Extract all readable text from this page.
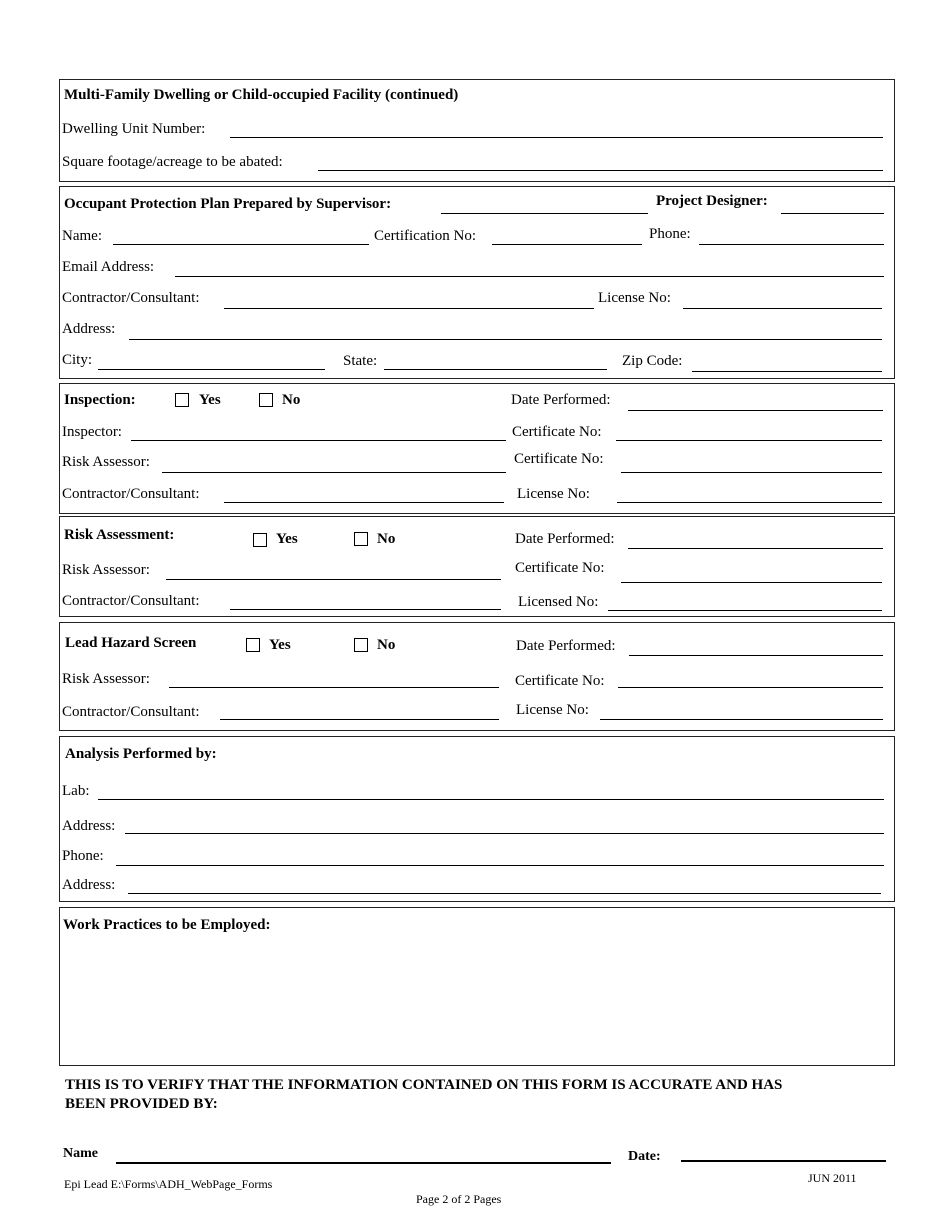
Multi-Family Dwelling or Child-occupied Facility (continued)
Dwelling Unit Number:
Square footage/acreage to be abated:
Occupant Protection Plan Prepared by Supervisor:	Project Designer:
Name:	Certification No:	Phone:
Email Address:
Contractor/Consultant:	License No:
Address:
City:	State:	Zip Code:
Inspection:	Yes	No	Date Performed:
Inspector:	Certificate No:
Risk Assessor:	Certificate No:
Contractor/Consultant:	License No:
Risk Assessment:	Yes	No	Date Performed:
Risk Assessor:	Certificate No:
Contractor/Consultant:	Licensed No:
Lead Hazard Screen	Yes	No	Date Performed:
Risk Assessor:	Certificate No:
Contractor/Consultant:	License No:
Analysis Performed by:
Lab:
Address:
Phone:
Address:
Work Practices to be Employed:
THIS IS TO VERIFY THAT THE INFORMATION CONTAINED ON THIS FORM IS ACCURATE AND HAS
BEEN PROVIDED BY:
Name	Date:
Epi Lead E:\Forms\ADH_WebPage_Forms	JUN 2011
Page 2 of 2 Pages
